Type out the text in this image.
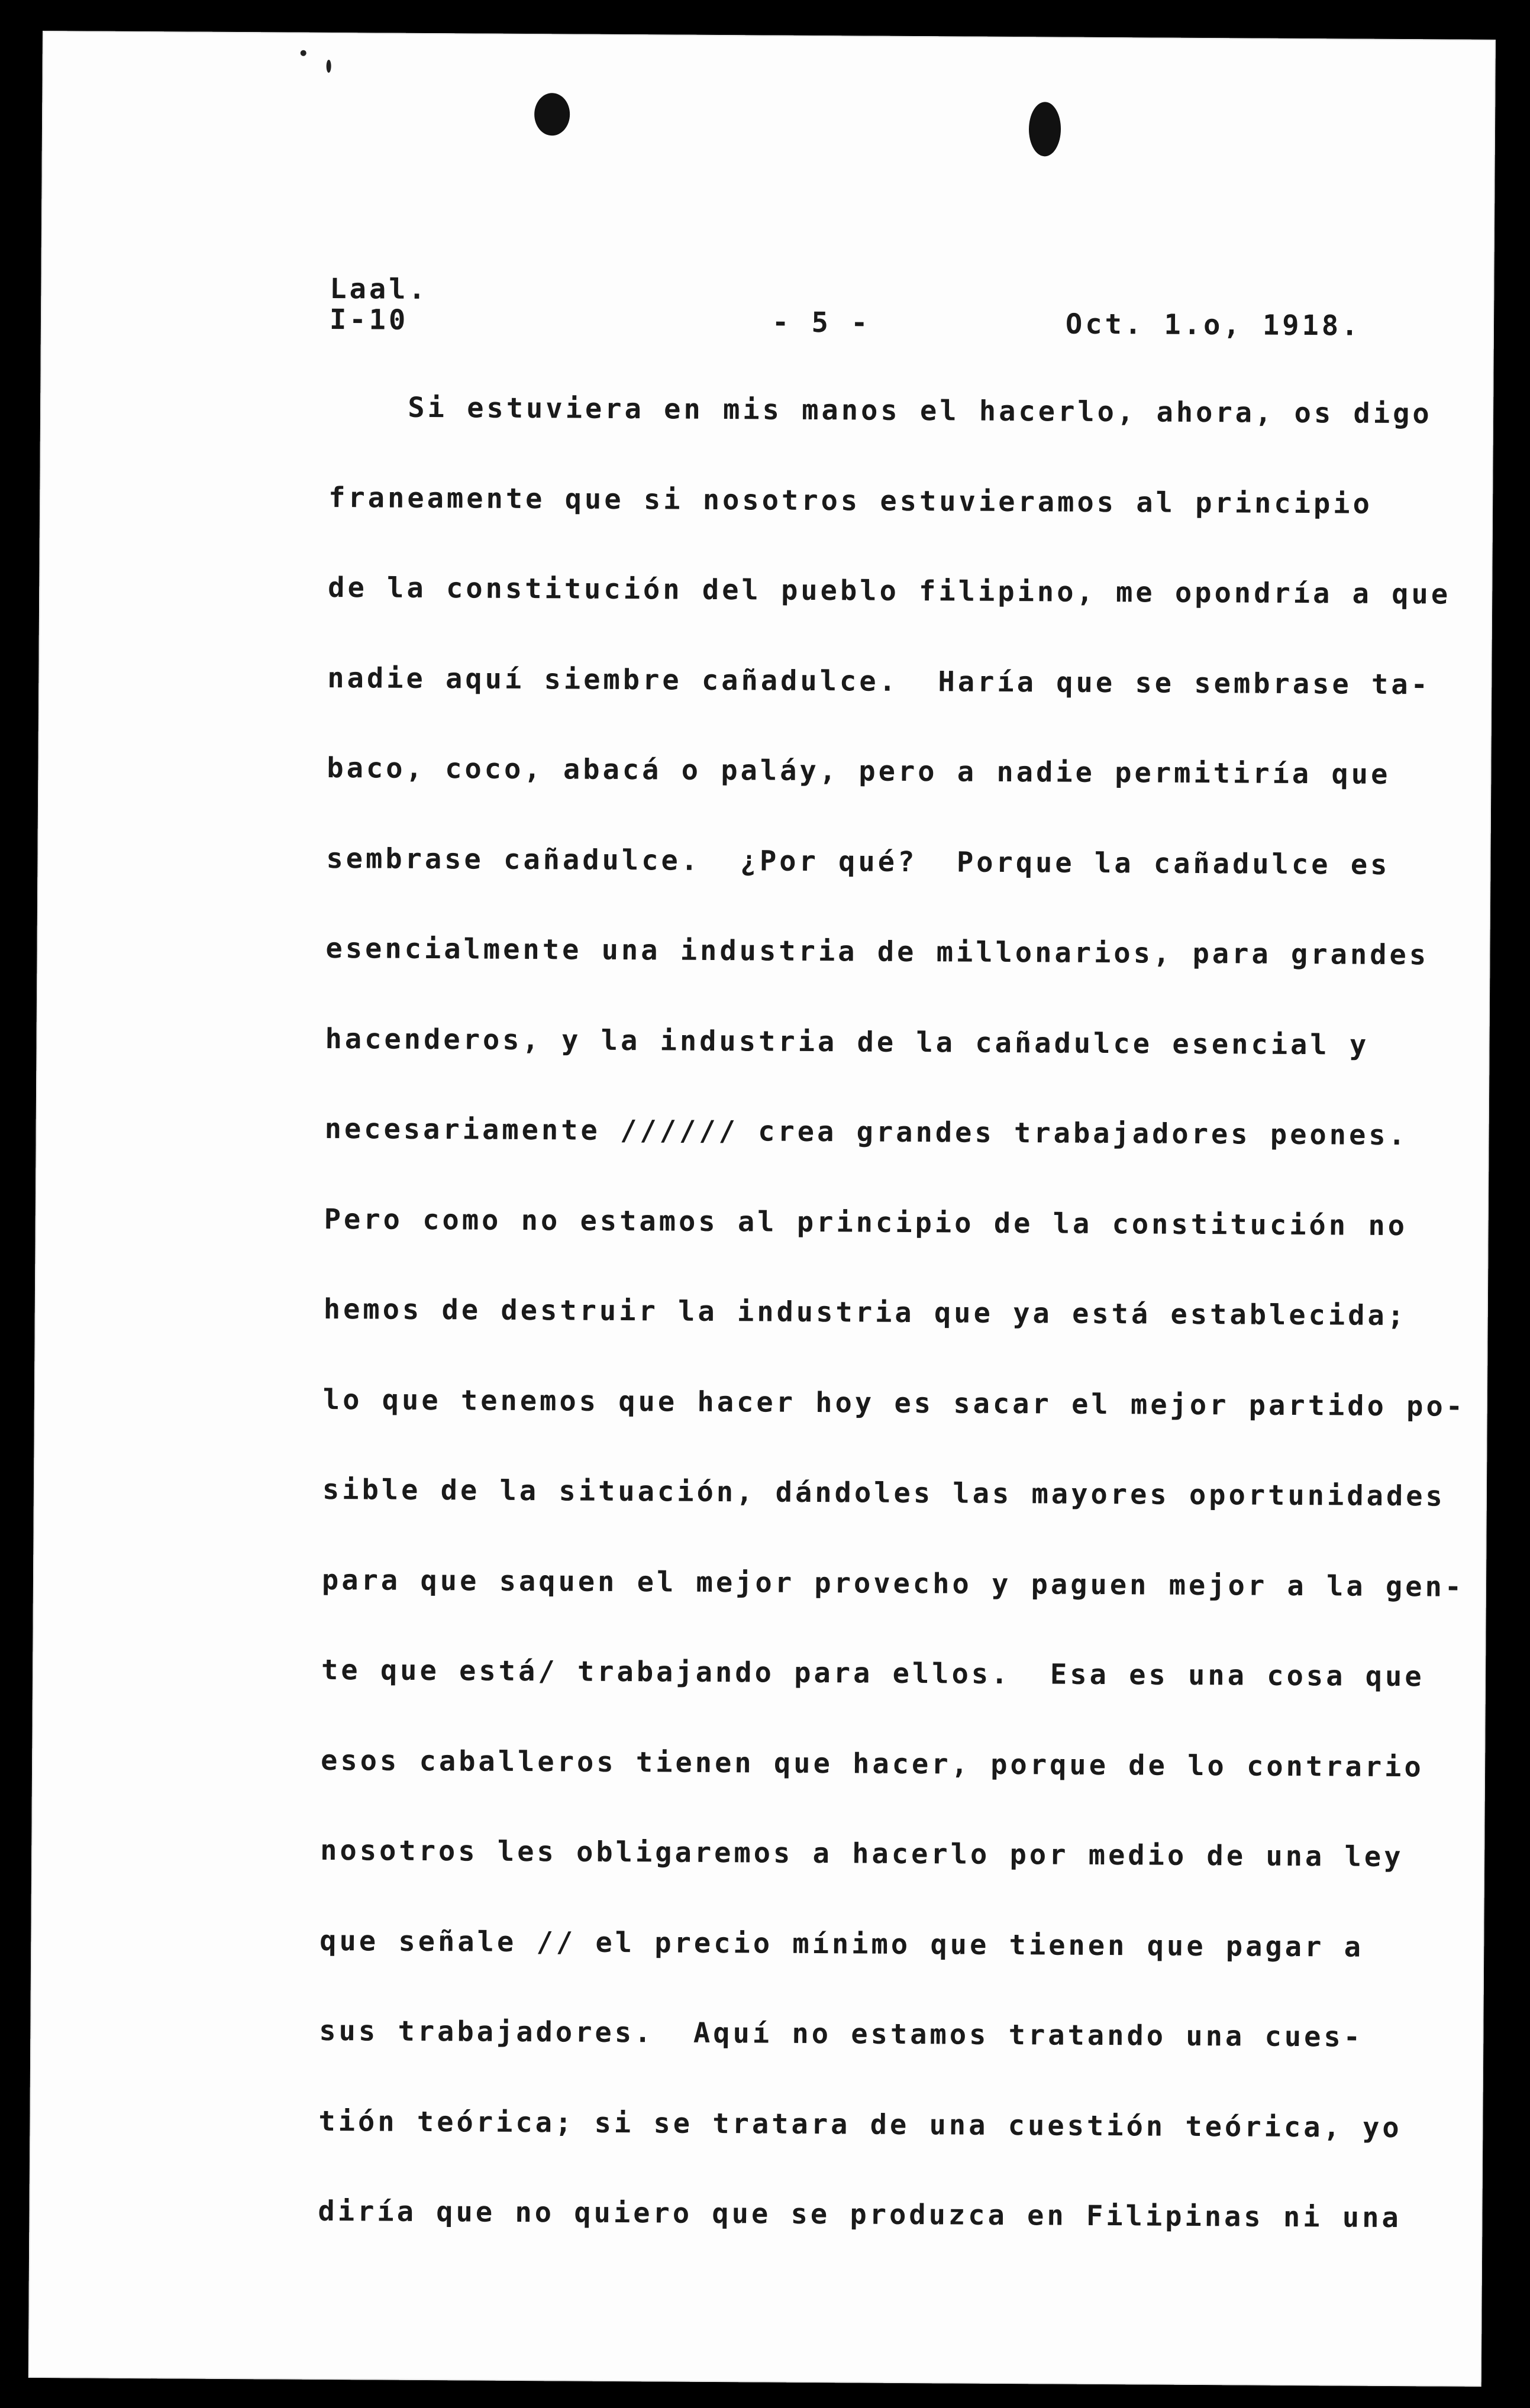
Laal.
I-10	- 5 -	Oct. 1.o, 1918.
Si estuviera en mis manos el hacerlo, ahora, os digo
franeamente que si nosotros estuvieramos al principio
de la constitución del pueblo filipino, me opondría a que
nadie aquí siembre cañadulce.  Haría que se sembrase ta-
baco, coco, abacá o paláy, pero a nadie permitiría que
sembrase cañadulce.  ¿Por qué?  Porque la cañadulce es
esencialmente una industria de millonarios, para grandes
hacenderos, y la industria de la cañadulce esencial y
necesariamente ////// crea grandes trabajadores peones.
Pero como no estamos al principio de la constitución no
hemos de destruir la industria que ya está establecida;
lo que tenemos que hacer hoy es sacar el mejor partido po-
sible de la situación, dándoles las mayores oportunidades
para que saquen el mejor provecho y paguen mejor a la gen-
te que está/ trabajando para ellos.  Esa es una cosa que
esos caballeros tienen que hacer, porque de lo contrario
nosotros les obligaremos a hacerlo por medio de una ley
que señale // el precio mínimo que tienen que pagar a
sus trabajadores.  Aquí no estamos tratando una cues-
tión teórica; si se tratara de una cuestión teórica, yo
diría que no quiero que se produzca en Filipinas ni una
